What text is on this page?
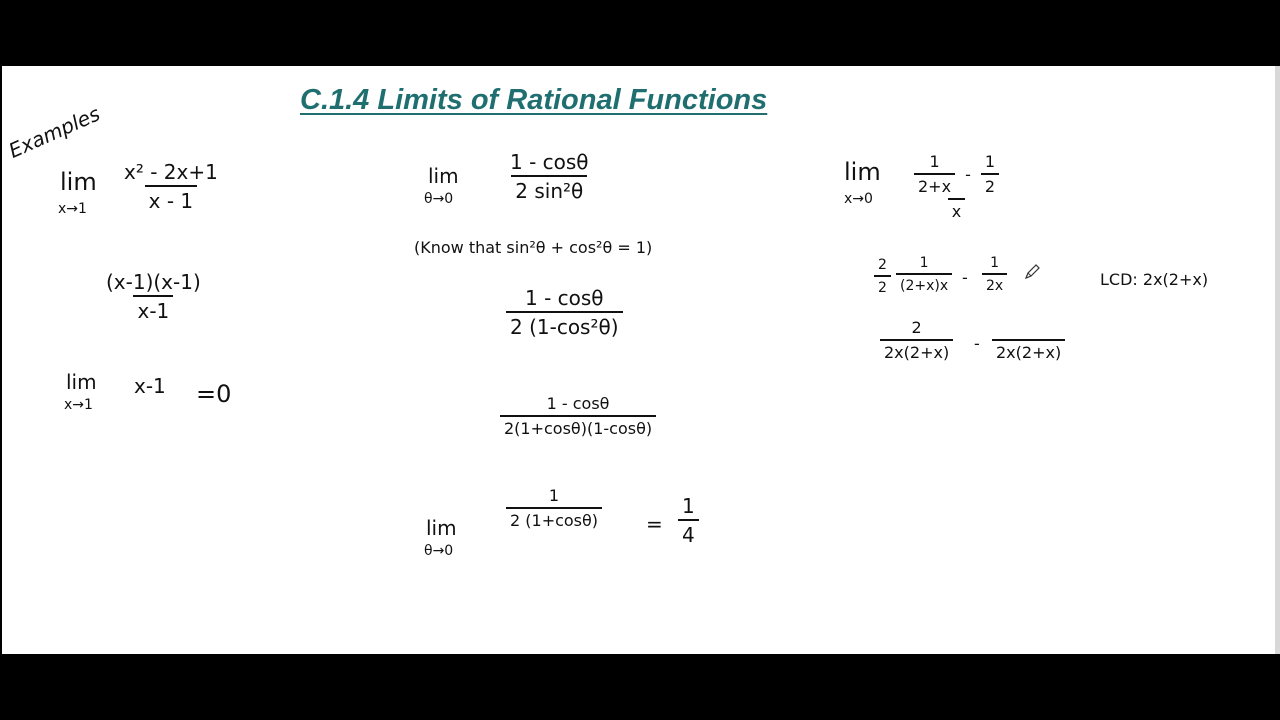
C.1.4 Limits of Rational Functions
Examples
lim
$x\to 1 \frac{\text{x² - 2x+1}}{x - 1}$
$\frac{(x-1)(x-1)}{x-1}$
lim
x→1
x-1 =0
lim
θ→0	$\frac{1 - \cos\theta}{\text{2 sin²θ}}$
(Know that sin²θ + cos²θ = 1)
$\frac{1 - \cos\theta}{\text{2 (1-cos²θ)}}$
$\frac{1 - \cos\theta}{2(1+\cos\theta)(1-\cos\theta)}$
lim
θ→0
$\frac{1}{2 (1+\cos\theta)} = \frac{1}{4}$
lim
x→0
$\frac{1}{2+x} - \frac{1}{2}$
x
$\frac{2}{2} \frac{1}{(2+x)x} - \frac{1}{2x}$	LCD: 2x(2+x)
$\frac{2}{2x(2+x)} - 2x(2+x)$
